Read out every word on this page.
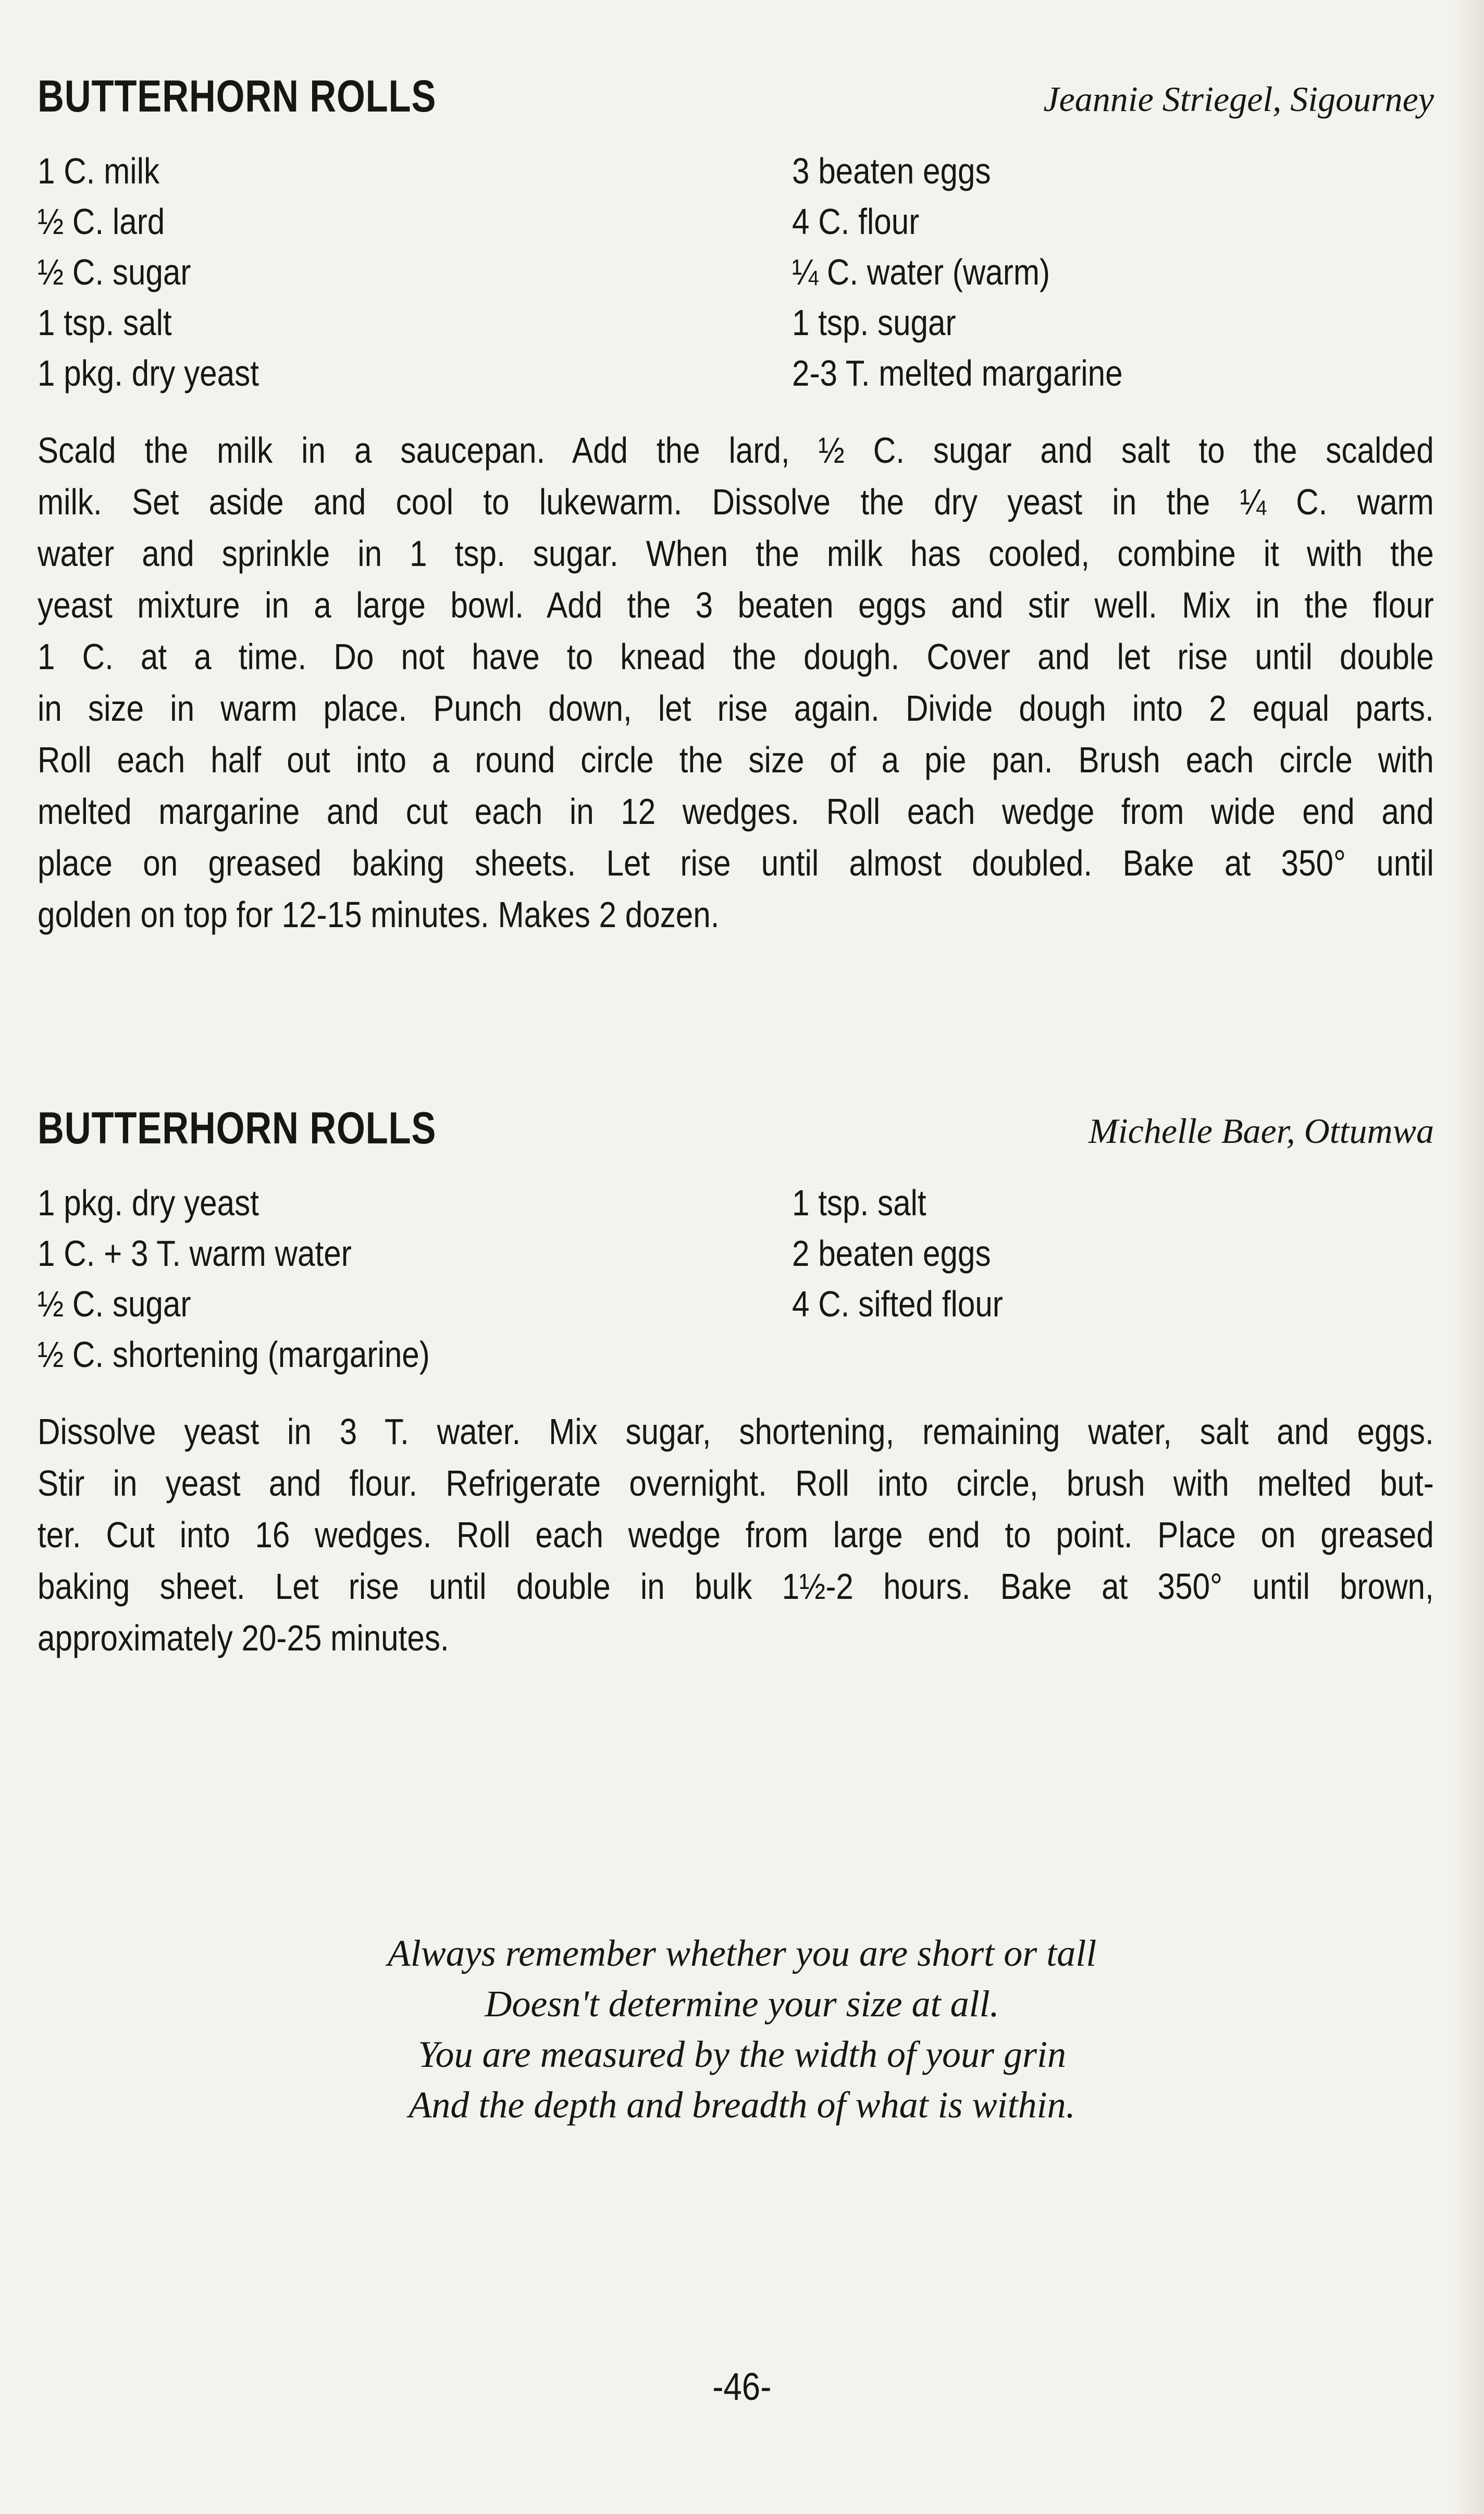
BUTTERHORN ROLLS	Jeannie Striegel, Sigourney
1 C. milk
½ C. lard
½ C. sugar
1 tsp. salt
1 pkg. dry yeast
3 beaten eggs
4 C. flour
¼ C. water (warm)
1 tsp. sugar
2-3 T. melted margarine
Scald the milk in a saucepan. Add the lard, ½ C. sugar and salt to the scalded
milk. Set aside and cool to lukewarm. Dissolve the dry yeast in the ¼ C. warm
water and sprinkle in 1 tsp. sugar. When the milk has cooled, combine it with the
yeast mixture in a large bowl. Add the 3 beaten eggs and stir well. Mix in the flour
1 C. at a time. Do not have to knead the dough. Cover and let rise until double
in size in warm place. Punch down, let rise again. Divide dough into 2 equal parts.
Roll each half out into a round circle the size of a pie pan. Brush each circle with
melted margarine and cut each in 12 wedges. Roll each wedge from wide end and
place on greased baking sheets. Let rise until almost doubled. Bake at 350° until
golden on top for 12-15 minutes. Makes 2 dozen.
BUTTERHORN ROLLS	Michelle Baer, Ottumwa
1 pkg. dry yeast
1 C. + 3 T. warm water
½ C. sugar
½ C. shortening (margarine)
1 tsp. salt
2 beaten eggs
4 C. sifted flour
Dissolve yeast in 3 T. water. Mix sugar, shortening, remaining water, salt and eggs.
Stir in yeast and flour. Refrigerate overnight. Roll into circle, brush with melted but-
ter. Cut into 16 wedges. Roll each wedge from large end to point. Place on greased
baking sheet. Let rise until double in bulk 1½-2 hours. Bake at 350° until brown,
approximately 20-25 minutes.
Always remember whether you are short or tall
Doesn't determine your size at all.
You are measured by the width of your grin
And the depth and breadth of what is within.
-46-
